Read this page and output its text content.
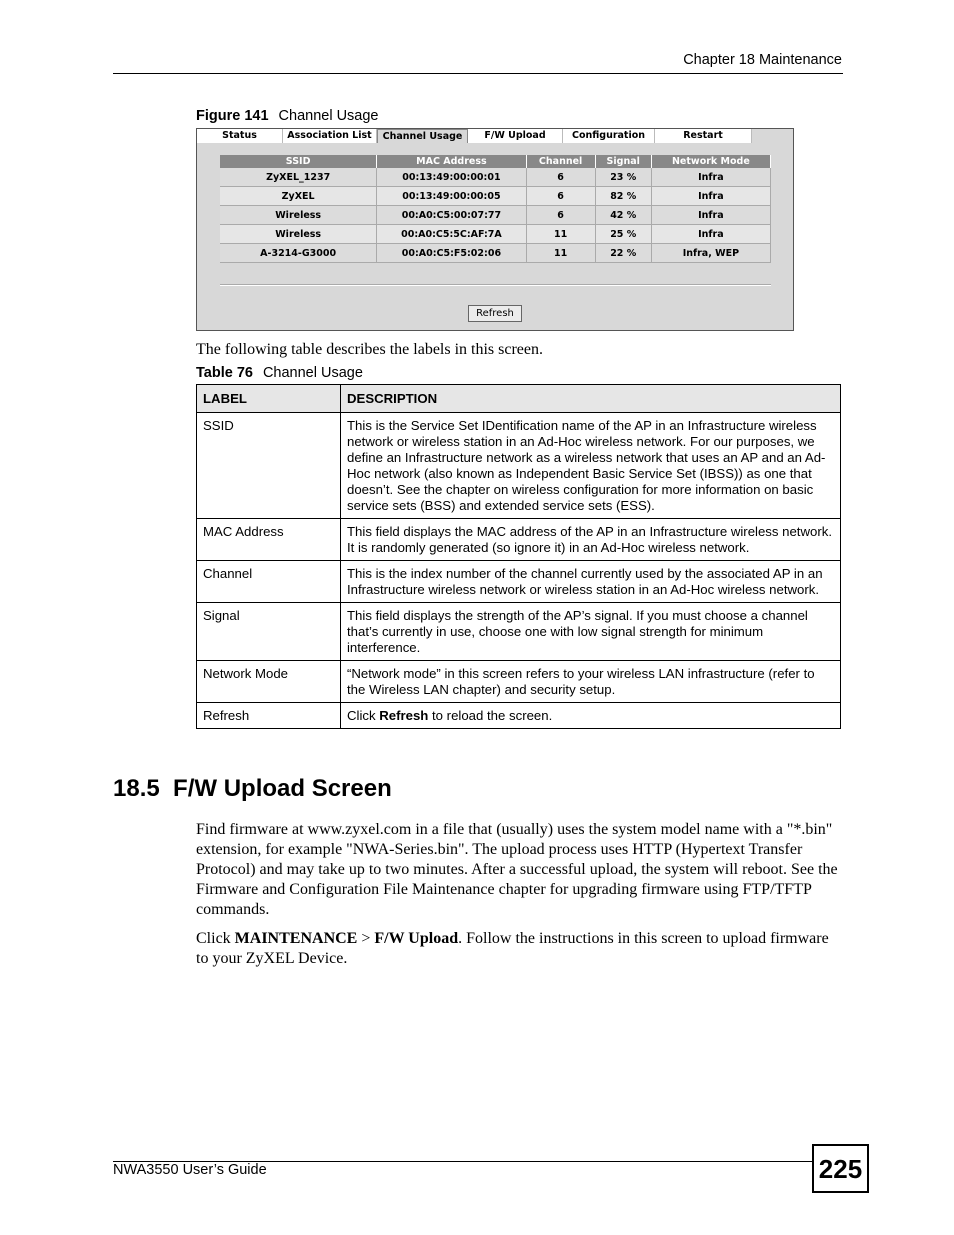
Chapter 18 Maintenance
Figure 141 Channel Usage
Status	Association List	Channel Usage	F/W Upload	Configuration	Restart
SSID	MAC Address	Channel	Signal	Network Mode
ZyXEL_1237	00:13:49:00:00:01	6	23 %	Infra
ZyXEL	00:13:49:00:00:05	6	82 %	Infra
Wireless	00:A0:C5:00:07:77	6	42 %	Infra
Wireless	00:A0:C5:5C:AF:7A	11	25 %	Infra
A-3214-G3000	00:A0:C5:F5:02:06	11	22 %	Infra, WEP
Refresh
The following table describes the labels in this screen.
Table 76 Channel Usage
LABEL	DESCRIPTION
SSID	This is the Service Set IDentification name of the AP in an Infrastructure wireless network or wireless station in an Ad-Hoc wireless network. For our purposes, we define an Infrastructure network as a wireless network that uses an AP and an Ad-Hoc network (also known as Independent Basic Service Set (IBSS)) as one that doesn’t. See the chapter on wireless configuration for more information on basic service sets (BSS) and extended service sets (ESS).
MAC Address	This field displays the MAC address of the AP in an Infrastructure wireless network. It is randomly generated (so ignore it) in an Ad-Hoc wireless network.
Channel	This is the index number of the channel currently used by the associated AP in an Infrastructure wireless network or wireless station in an Ad-Hoc wireless network.
Signal	This field displays the strength of the AP’s signal. If you must choose a channel that’s currently in use, choose one with low signal strength for minimum interference.
Network Mode	“Network mode” in this screen refers to your wireless LAN infrastructure (refer to the Wireless LAN chapter) and security setup.
Refresh	Click Refresh to reload the screen.
18.5  F/W Upload Screen
Find firmware at www.zyxel.com in a file that (usually) uses the system model name with a "*.bin" extension, for example "NWA-Series.bin". The upload process uses HTTP (Hypertext Transfer Protocol) and may take up to two minutes. After a successful upload, the system will reboot. See the Firmware and Configuration File Maintenance chapter for upgrading firmware using FTP/TFTP commands.
Click MAINTENANCE > F/W Upload. Follow the instructions in this screen to upload firmware to your ZyXEL Device.
NWA3550 User’s Guide	225
